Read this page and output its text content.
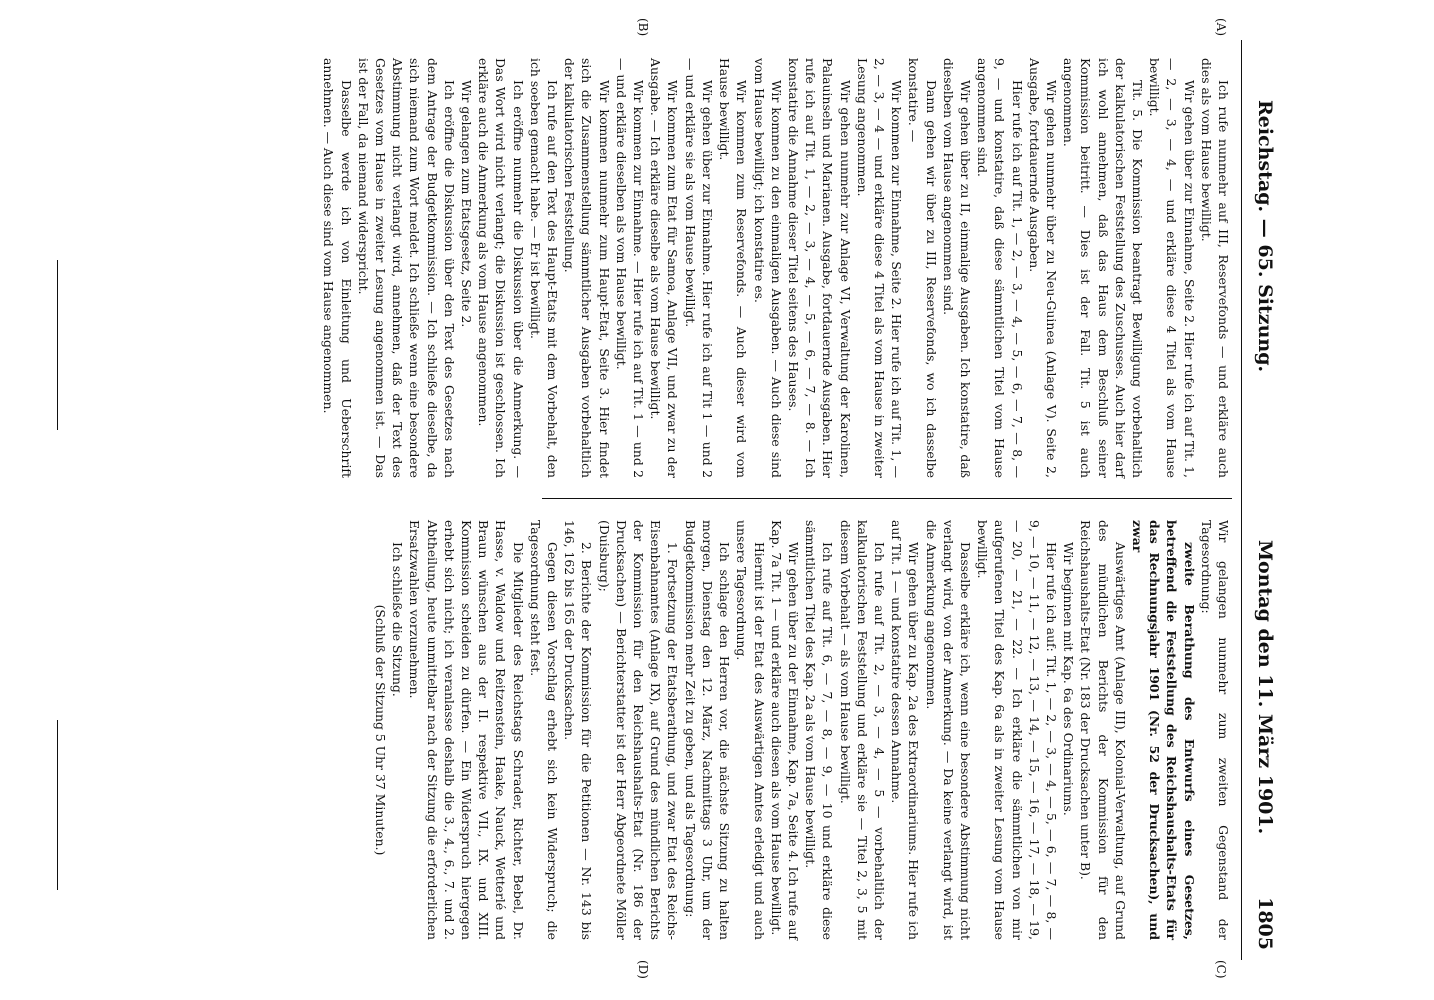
Reichstag. — 65. Sitzung.
Montag den 11. März 1901.
1805
(A)
(B)
(C)
(D)

Ich rufe nunmehr auf III, Reservefonds — und erkläre auch dies als vom Hause bewilligt.

Wir gehen über zur Einnahme, Seite 2. Hier rufe ich auf Tit. 1, — 2, — 3, — 4, — und erkläre diese 4 Titel als vom Hause bewilligt.

Tit. 5. Die Kommission beantragt Bewilligung vorbehaltlich der kalkulatorischen Feststellung des Zuschusses. Auch hier darf ich wohl annehmen, daß das Haus dem Beschluß seiner Kommission beitritt. — Dies ist der Fall. Tit. 5 ist auch angenommen.

Wir gehen nunmehr über zu Neu-Guinea (Anlage V). Seite 2, Ausgabe, fortdauernde Ausgaben.

Hier rufe ich auf Tit. 1, — 2, — 3, — 4, — 5, — 6, — 7, — 8, — 9, — und konstatire, daß diese sämmtlichen Titel vom Hause angenommen sind.

Wir gehen über zu II, einmalige Ausgaben. Ich konstatire, daß dieselben vom Hause angenommen sind.

Dann gehen wir über zu III, Reservefonds, wo ich dasselbe konstatire. —

Wir kommen zur Einnahme, Seite 2. Hier rufe ich auf Tit. 1, — 2, — 3, — 4 — und erkläre diese 4 Titel als vom Hause in zweiter Lesung angenommen.

Wir gehen nunmehr zur Anlage VI, Verwaltung der Karolinen, Palauinseln und Marianen. Ausgabe, fortdauernde Ausgaben. Hier rufe ich auf Tit. 1, — 2, — 3, — 4, — 5, — 6, — 7, — 8. — Ich konstatire die Annahme dieser Titel seitens des Hauses.

Wir kommen zu den einmaligen Ausgaben. — Auch diese sind vom Hause bewilligt; ich konstatire es.

Wir kommen zum Reservefonds. — Auch dieser wird vom Hause bewilligt.

Wir gehen über zur Einnahme. Hier rufe ich auf Tit 1 — und 2 — und erkläre sie als vom Hause bewilligt.

Wir kommen zum Etat für Samoa, Anlage VII, und zwar zu der Ausgabe. — Ich erkläre dieselbe als vom Hause bewilligt.

Wir kommen zur Einnahme. — Hier rufe ich auf Tit. 1 — und 2 — und erkläre dieselben als vom Hause bewilligt.

Wir kommen nunmehr zum Haupt-Etat, Seite 3. Hier findet sich die Zusammenstellung sämmtlicher Ausgaben vorbehaltlich der kalkulatorischen Feststellung.

Ich rufe auf den Text des Haupt-Etats mit dem Vorbehalt, den ich soeben gemacht habe. — Er ist bewilligt.

Ich eröffne nunmehr die Diskussion über die Anmerkung. — Das Wort wird nicht verlangt; die Diskussion ist geschlossen. Ich erkläre auch die Anmerkung als vom Hause angenommen.

Wir gelangen zum Etatsgesetz, Seite 2.

Ich eröffne die Diskussion über den Text des Gesetzes nach dem Antrage der Budgetkommission. — Ich schließe dieselbe, da sich niemand zum Wort meldet. Ich schließe wenn eine besondere Abstimmung nicht verlangt wird, annehmen, daß der Text des Gesetzes vom Hause in zweiter Lesung angenommen ist. — Das ist der Fall, da niemand widerspricht.

Dasselbe werde ich von Einleitung und Ueberschrift annehmen. — Auch diese sind vom Hause angenommen.

Wir gelangen nunmehr zum zweiten Gegenstand der Tagesordnung:

zweite Berathung des Entwurfs eines Gesetzes, betreffend die Feststellung des Reichshaushalts-Etats für das Rechnungsjahr 1901 (Nr. 52 der Drucksachen), und zwar

Auswärtiges Amt (Anlage III), Kolonial-Verwaltung, auf Grund des mündlichen Berichts der Kommission für den Reichshaushalts-Etat (Nr. 183 der Drucksachen unter B).

Wir beginnen mit Kap. 6a des Ordinariums.

Hier rufe ich auf: Tit. 1, — 2, — 3, — 4, — 5, — 6, — 7, — 8, — 9, — 10, — 11, — 12, — 13, — 14, — 15, — 16, — 17, — 18, — 19, — 20, — 21, — 22. — Ich erkläre die sämmtlichen von mir aufgerufenen Titel des Kap. 6a als in zweiter Lesung vom Hause bewilligt.

Dasselbe erkläre ich, wenn eine besondere Abstimmung nicht verlangt wird, von der Anmerkung. — Da keine verlangt wird, ist die Anmerkung angenommen.

Wir gehen über zu Kap. 2a des Extraordinariums. Hier rufe ich auf Tit. 1 — und konstatire dessen Annahme.

Ich rufe auf Tit. 2, — 3, — 4, — 5 — vorbehaltlich der kalkulatorischen Feststellung und erkläre sie — Titel 2, 3, 5 mit diesem Vorbehalt — als vom Hause bewilligt.

Ich rufe auf Tit. 6, — 7, — 8, — 9, — 10 und erkläre diese sämmtlichen Titel des Kap. 2a als vom Hause bewilligt.

Wir gehen über zu der Einnahme, Kap. 7a, Seite 4. Ich rufe auf Kap. 7a Tit. 1 — und erkläre auch diesen als vom Hause bewilligt.

Hiermit ist der Etat des Auswärtigen Amtes erledigt und auch unsere Tagesordnung.

Ich schlage den Herren vor, die nächste Sitzung zu halten morgen, Dienstag den 12. März, Nachmittags 3 Uhr, um der Budgetkommission mehr Zeit zu geben, und als Tagesordnung:

1. Fortsetzung der Etatsberathung, und zwar Etat des Reichs-Eisenbahnamtes (Anlage IX), auf Grund des mündlichen Berichts der Kommission für den Reichshaushalts-Etat (Nr. 186 der Drucksachen) — Berichterstatter ist der Herr Abgeordnete Möller (Duisburg);

2. Berichte der Kommission für die Petitionen — Nr. 143 bis 146, 162 bis 165 der Drucksachen.

Gegen diesen Vorschlag erhebt sich kein Widerspruch; die Tagesordnung steht fest.

Die Mitglieder des Reichstags Schrader, Richter, Bebel, Dr. Hasse, v. Waldow und Reitzenstein, Haake, Nauck, Wetterlé und Braun wünschen aus der II. respektive VII., IX. und XIII. Kommission scheiden zu dürfen. — Ein Widerspruch hiergegen erhebt sich nicht; ich veranlasse deshalb die 3., 4., 6., 7. und 2. Abtheilung, heute unmittelbar nach der Sitzung die erforderlichen Ersatzwahlen vorzunehmen.

Ich schließe die Sitzung.

(Schluß der Sitzung 5 Uhr 37 Minuten.)
